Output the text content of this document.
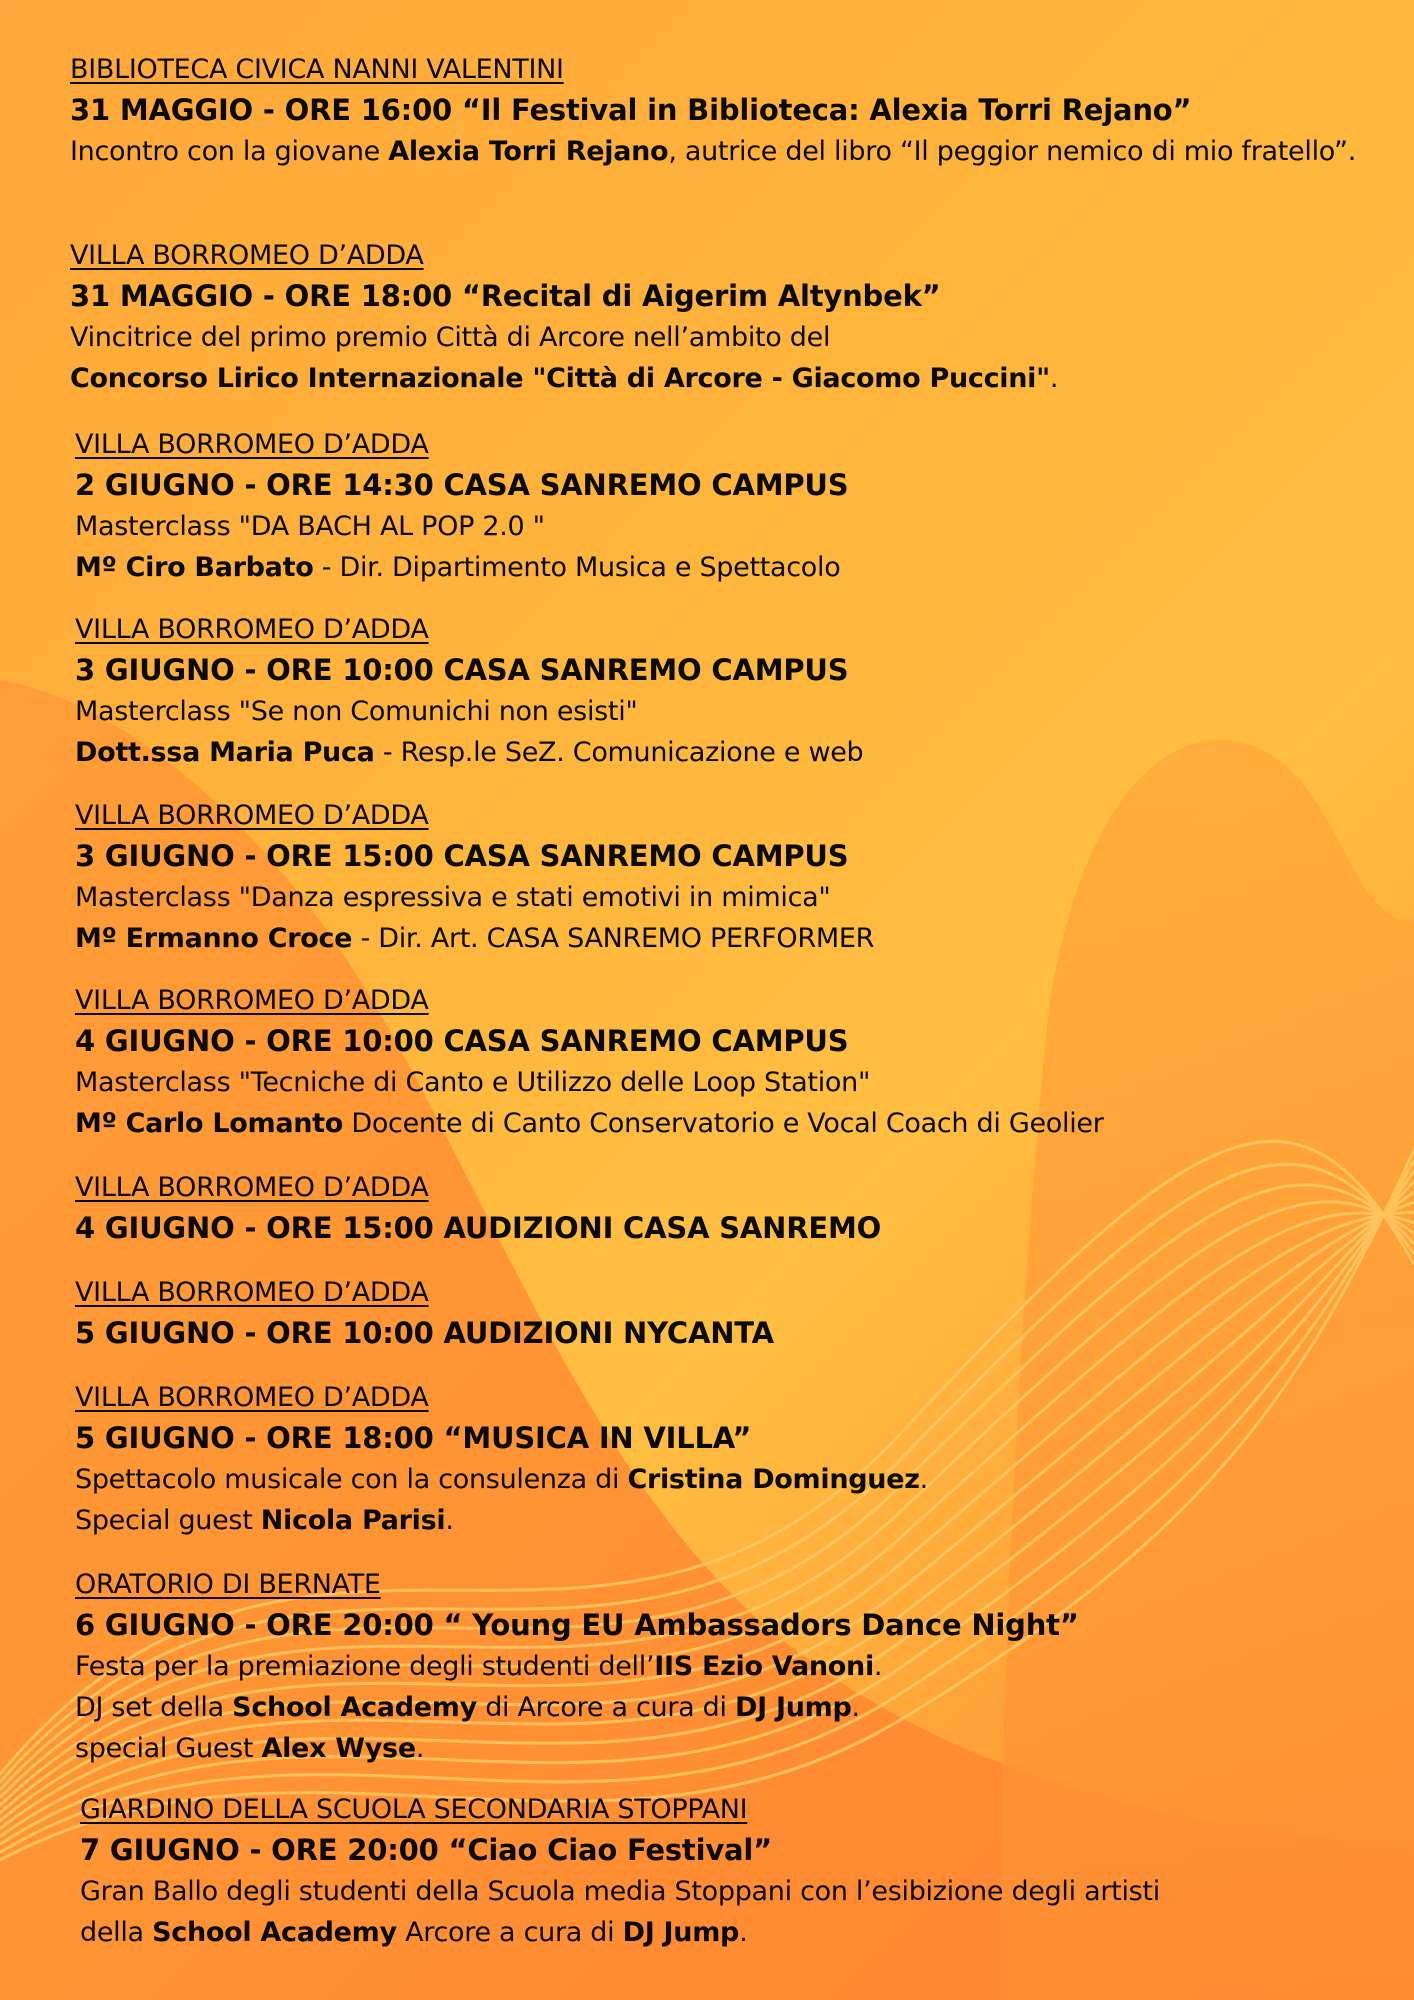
BIBLIOTECA CIVICA NANNI VALENTINI
31 MAGGIO - ORE 16:00 “Il Festival in Biblioteca: Alexia Torri Rejano”
Incontro con la giovane Alexia Torri Rejano, autrice del libro “Il peggior nemico di mio fratello”.
VILLA BORROMEO D’ADDA
31 MAGGIO - ORE 18:00 “Recital di Aigerim Altynbek”
Vincitrice del primo premio Città di Arcore nell’ambito del
Concorso Lirico Internazionale "Città di Arcore - Giacomo Puccini".
VILLA BORROMEO D’ADDA
2 GIUGNO - ORE 14:30 CASA SANREMO CAMPUS
Masterclass "DA BACH AL POP 2.0 "
Mº Ciro Barbato - Dir. Dipartimento Musica e Spettacolo
VILLA BORROMEO D’ADDA
3 GIUGNO - ORE 10:00 CASA SANREMO CAMPUS
Masterclass "Se non Comunichi non esisti"
Dott.ssa Maria Puca - Resp.le SeZ. Comunicazione e web
VILLA BORROMEO D’ADDA
3 GIUGNO - ORE 15:00 CASA SANREMO CAMPUS
Masterclass "Danza espressiva e stati emotivi in mimica"
Mº Ermanno Croce - Dir. Art. CASA SANREMO PERFORMER
VILLA BORROMEO D’ADDA
4 GIUGNO - ORE 10:00 CASA SANREMO CAMPUS
Masterclass "Tecniche di Canto e Utilizzo delle Loop Station"
Mº Carlo Lomanto Docente di Canto Conservatorio e Vocal Coach di Geolier
VILLA BORROMEO D’ADDA
4 GIUGNO - ORE 15:00 AUDIZIONI CASA SANREMO
VILLA BORROMEO D’ADDA
5 GIUGNO - ORE 10:00 AUDIZIONI NYCANTA
VILLA BORROMEO D’ADDA
5 GIUGNO - ORE 18:00 “MUSICA IN VILLA”
Spettacolo musicale con la consulenza di Cristina Dominguez.
Special guest Nicola Parisi.
ORATORIO DI BERNATE
6 GIUGNO - ORE 20:00 “ Young EU Ambassadors Dance Night”
Festa per la premiazione degli studenti dell’IIS Ezio Vanoni.
DJ set della School Academy di Arcore a cura di DJ Jump.
special Guest Alex Wyse.
GIARDINO DELLA SCUOLA SECONDARIA STOPPANI
7 GIUGNO - ORE 20:00 “Ciao Ciao Festival”
Gran Ballo degli studenti della Scuola media Stoppani con l’esibizione degli artisti
della School Academy Arcore a cura di DJ Jump.
